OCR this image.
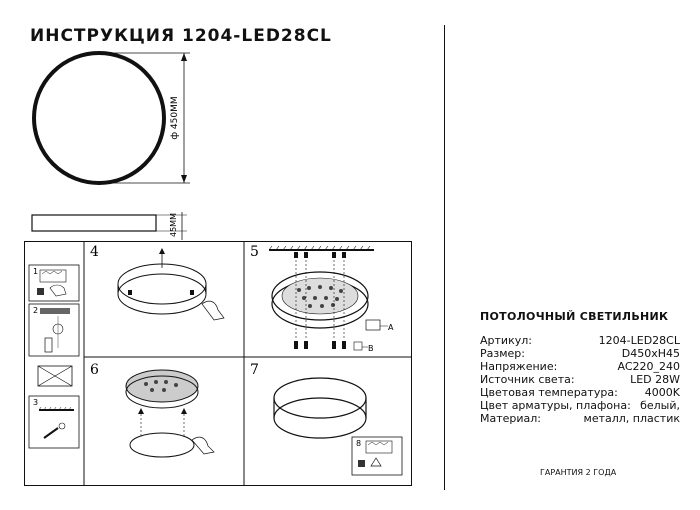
ИНСТРУКЦИЯ 1204-LED28CL
ф 450MM
45MM
1
2
3
4	5
A
B
6	7
8
ПОТОЛОЧНЫЙ СВЕТИЛЬНИК
Артикул:	1204-LED28CL
Размер:	D450xH45
Напряжение:	AC220_240
Источник света:	LED 28W
Цветовая температура: 4000K
Цвет арматуры, плафона: белый,
Материал:	металл, пластик
ГАРАНТИЯ 2 ГОДА
